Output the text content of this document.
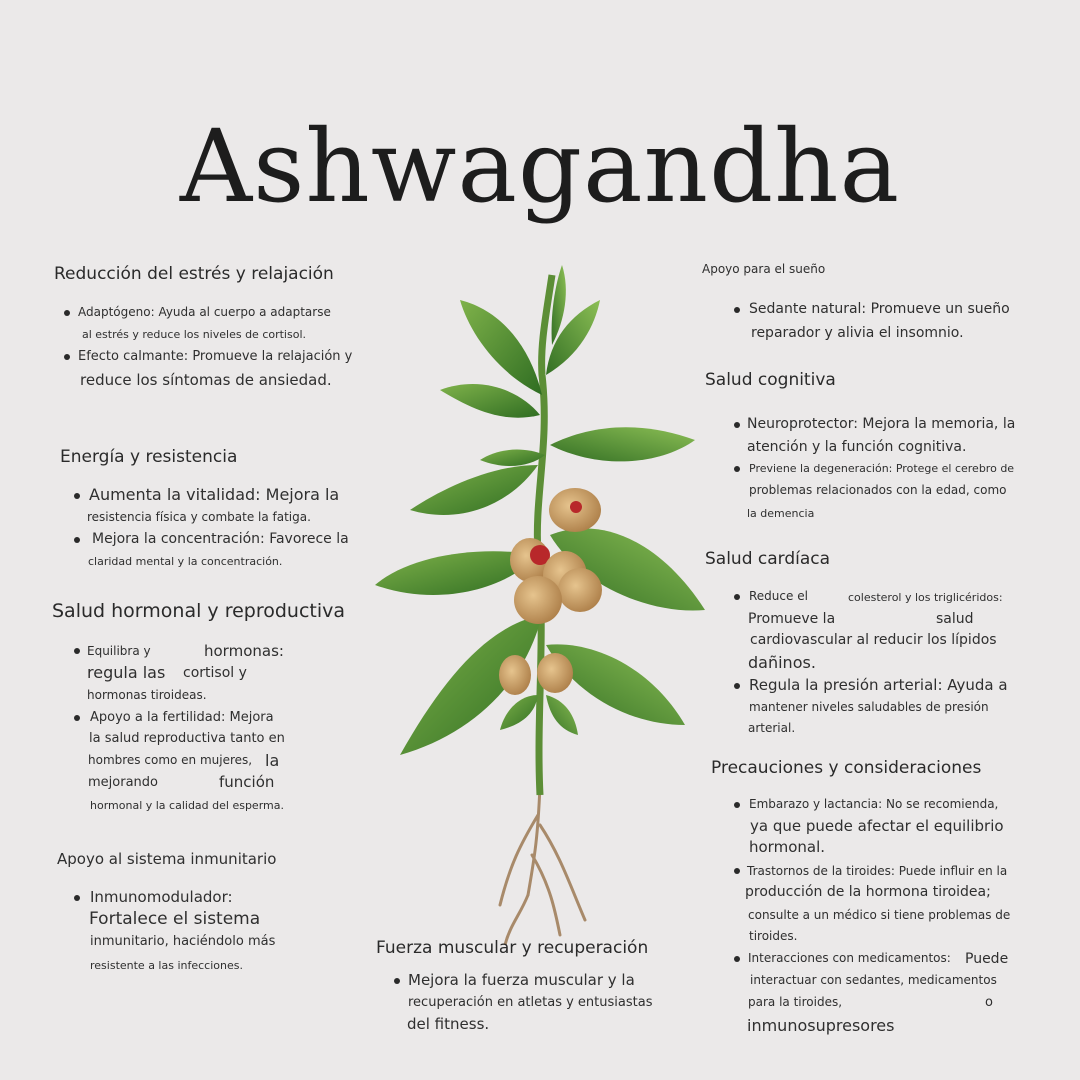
Ashwagandha
Reducción del estrés y relajación
Adaptógeno: Ayuda al cuerpo a adaptarse
al estrés y reduce los niveles de cortisol.
Efecto calmante: Promueve la relajación y
reduce los síntomas de ansiedad.
Energía y resistencia
Aumenta la vitalidad: Mejora la
resistencia física y combate la fatiga.
Mejora la concentración: Favorece la
claridad mental y la concentración.
Salud hormonal y reproductiva
Equilibra y	hormonas:
regula las cortisol y
hormonas tiroideas.
Apoyo a la fertilidad: Mejora
la salud reproductiva tanto en
hombres como en mujeres, la
mejorando	función
hormonal y la calidad del esperma.
Apoyo al sistema inmunitario
Inmunomodulador:
Fortalece el sistema
inmunitario, haciéndolo más
resistente a las infecciones.
Fuerza muscular y recuperación
Mejora la fuerza muscular y la
recuperación en atletas y entusiastas
del fitness.
Apoyo para el sueño
Sedante natural: Promueve un sueño
reparador y alivia el insomnio.
Salud cognitiva
Neuroprotector: Mejora la memoria, la
atención y la función cognitiva.
Previene la degeneración: Protege el cerebro de
problemas relacionados con la edad, como
la demencia
Salud cardíaca
Reduce el	colesterol y los triglicéridos:
Promueve la	salud
cardiovascular al reducir los lípidos
dañinos.
Regula la presión arterial: Ayuda a
mantener niveles saludables de presión
arterial.
Precauciones y consideraciones
Embarazo y lactancia: No se recomienda,
ya que puede afectar el equilibrio
hormonal.
Trastornos de la tiroides: Puede influir en la
producción de la hormona tiroidea;
consulte a un médico si tiene problemas de
tiroides.
Interacciones con medicamentos: Puede
interactuar con sedantes, medicamentos
para la tiroides,	o
inmunosupresores
